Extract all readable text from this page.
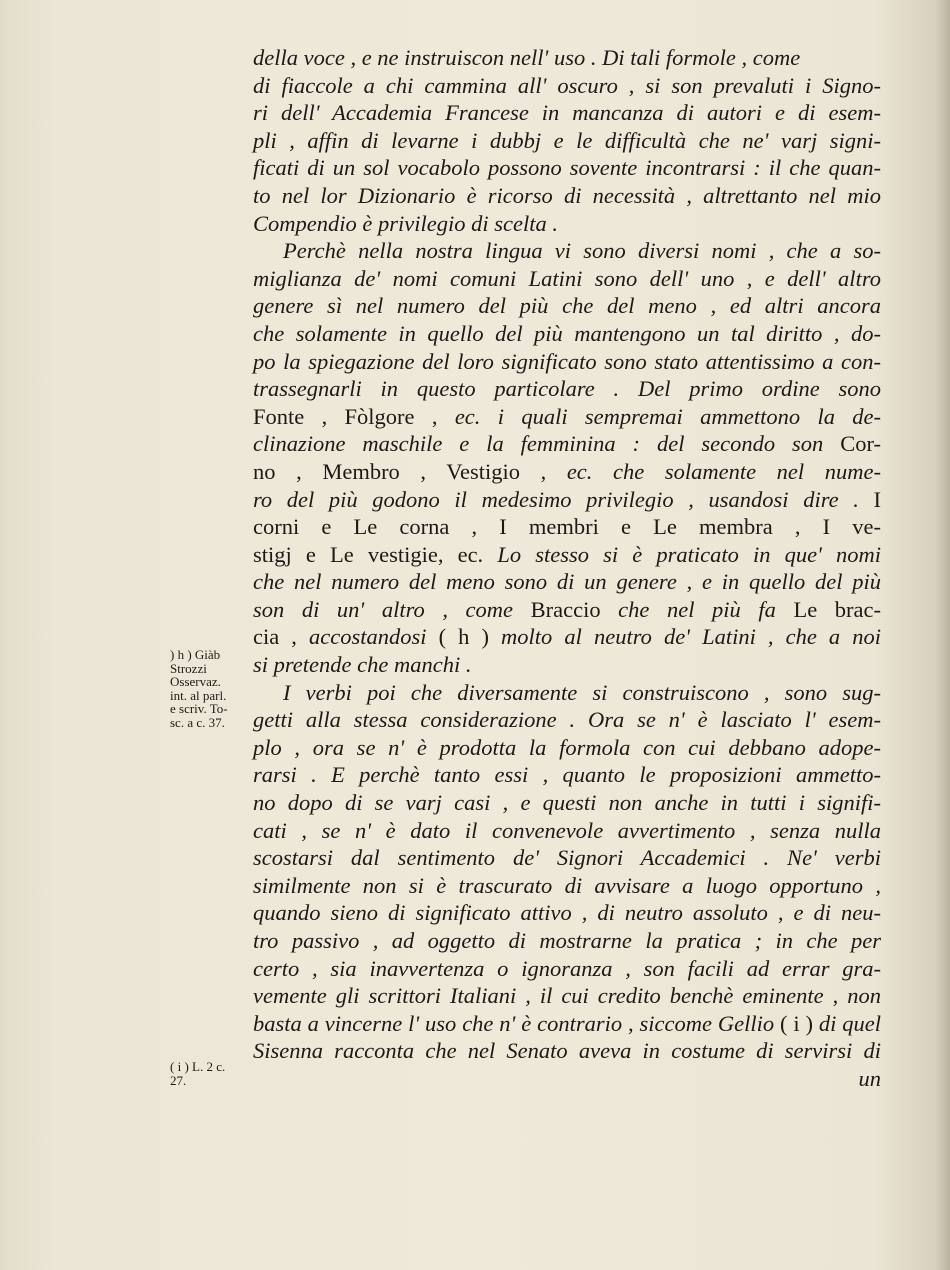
della voce , e ne instruiscon nell' uso . Di tali formole , come
di fiaccole a chi cammina all' oscuro , si son prevaluti i Signo-
ri dell' Accademia Francese in mancanza di autori e di esem-
pli , affin di levarne i dubbj e le difficultà che ne' varj signi-
ficati di un sol vocabolo possono sovente incontrarsi : il che quan-
to nel lor Dizionario è ricorso di necessità , altrettanto nel mio
Compendio è privilegio di scelta .
Perchè nella nostra lingua vi sono diversi nomi , che a so-
miglianza de' nomi comuni Latini sono dell' uno , e dell' altro
genere sì nel numero del più che del meno , ed altri ancora
che solamente in quello del più mantengono un tal diritto , do-
po la spiegazione del loro significato sono stato attentissimo a con-
trassegnarli in questo particolare . Del primo ordine sono
Fonte , Fòlgore , ec. i quali sempremai ammettono la de-
clinazione maschile e la femminina : del secondo son Cor-
no , Membro , Vestigio , ec. che solamente nel nume-
ro del più godono il medesimo privilegio , usandosi dire . I
corni e Le corna , I membri e Le membra , I ve-
stigj e Le vestigie, ec. Lo stesso si è praticato in que' nomi
che nel numero del meno sono di un genere , e in quello del più
son di un' altro , come Braccio che nel più fa Le brac-
cia , accostandosi ( h ) molto al neutro de' Latini , che a noi
si pretende che manchi .
I verbi poi che diversamente si construiscono , sono sug-
getti alla stessa considerazione . Ora se n' è lasciato l' esem-
plo , ora se n' è prodotta la formola con cui debbano adope-
rarsi . E perchè tanto essi , quanto le proposizioni ammetto-
no dopo di se varj casi , e questi non anche in tutti i signifi-
cati , se n' è dato il convenevole avvertimento , senza nulla
scostarsi dal sentimento de' Signori Accademici . Ne' verbi
similmente non si è trascurato di avvisare a luogo opportuno ,
quando sieno di significato attivo , di neutro assoluto , e di neu-
tro passivo , ad oggetto di mostrarne la pratica ; in che per
certo , sia inavvertenza o ignoranza , son facili ad errar gra-
vemente gli scrittori Italiani , il cui credito benchè eminente , non
basta a vincerne l' uso che n' è contrario , siccome Gellio ( i ) di quel
Sisenna racconta che nel Senato aveva in costume di servirsi di
un
) h ) Giàb
Strozzi
Osservaz.
int. al parl.
e scriv. To-
sc. a c. 37.
( i ) L. 2 c.
27.
